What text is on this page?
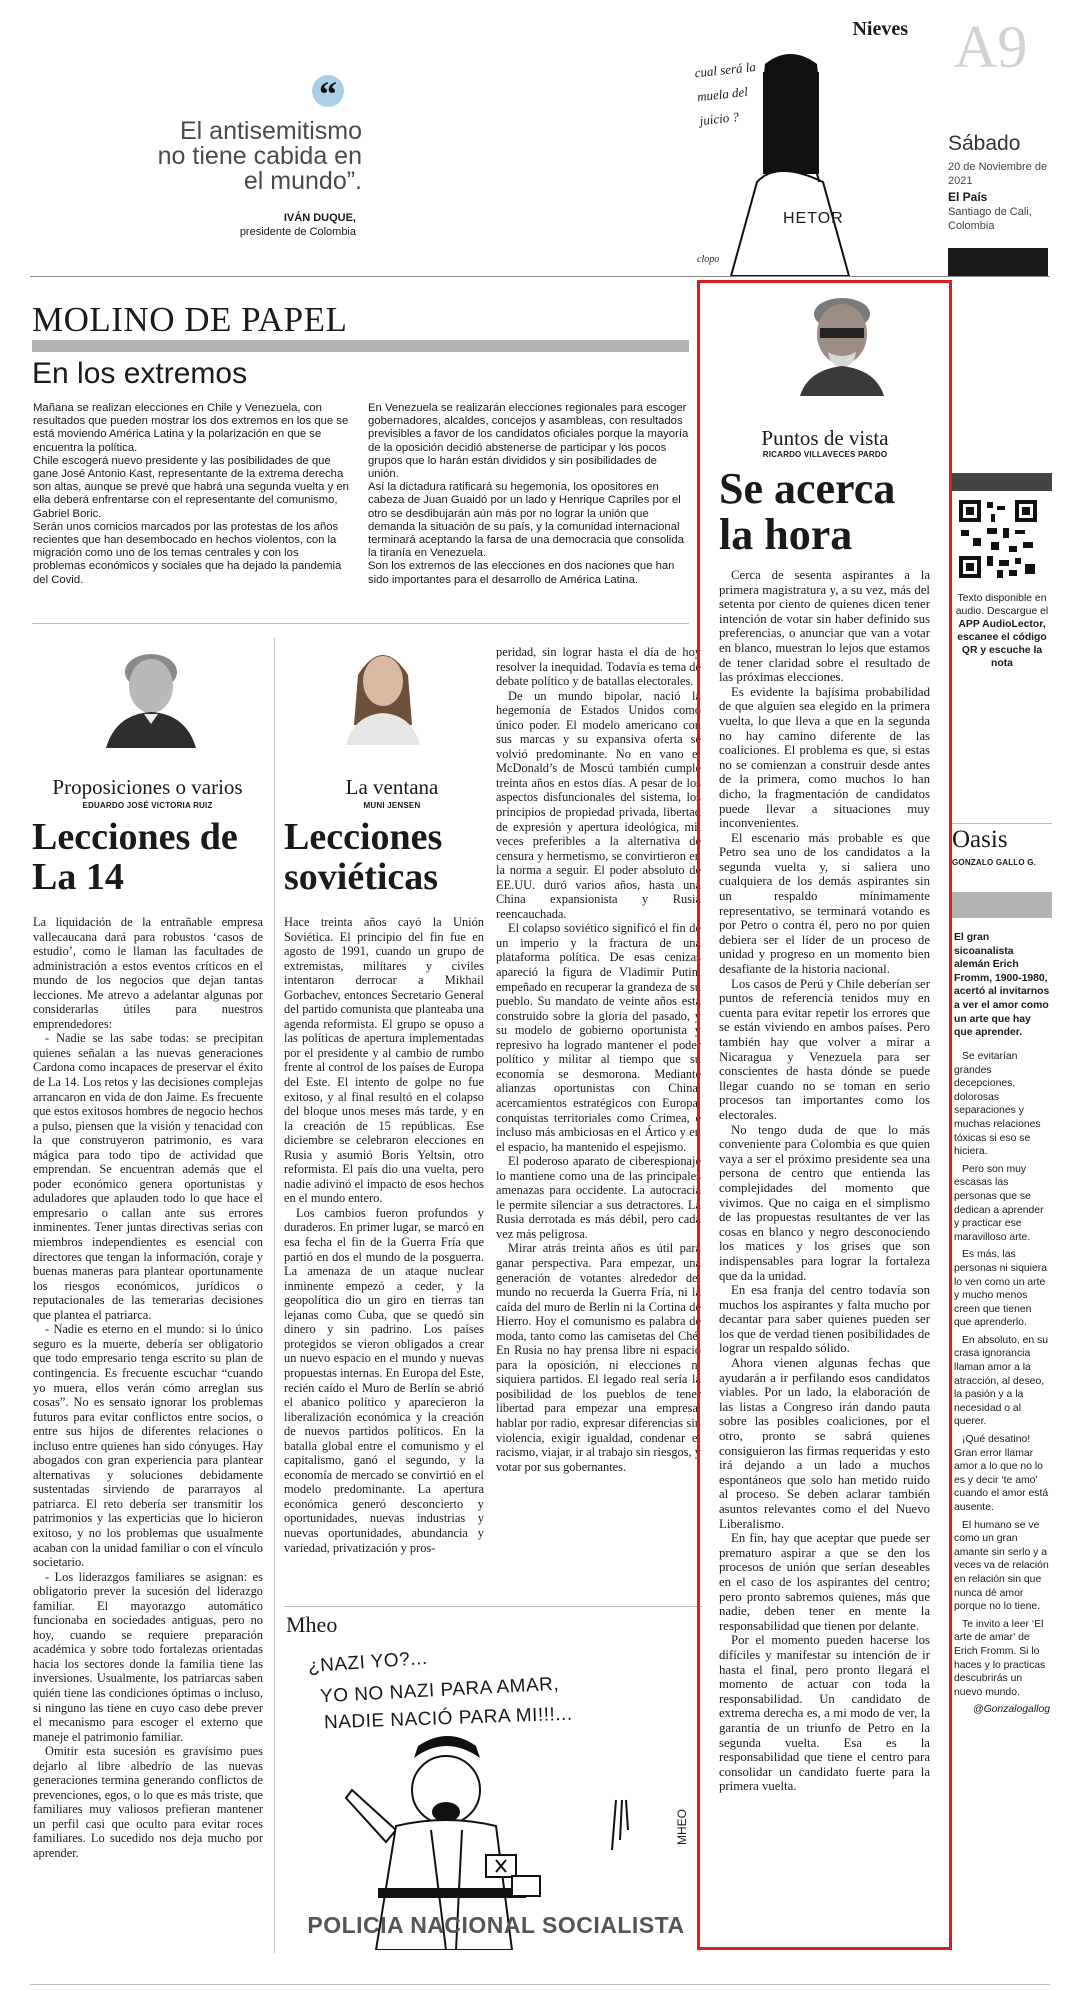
“
El antisemitismo no tiene cabida en el mundo”.
IVÁN DUQUE,
presidente de Colombia
Nieves
cual será la muela del juicio ?
HETOR
clopo
A9
Sábado
20 de Noviembre de 2021
El País
Santiago de Cali, Colombia
MOLINO DE PAPEL
En los extremos

Mañana se realizan elecciones en Chile y Venezuela, con resultados que pueden mostrar los dos extremos en los que se está moviendo América Latina y la polarización en que se encuentra la política.

Chile escogerá nuevo presidente y las posibilidades de que gane José Antonio Kast, representante de la extrema derecha son altas, aunque se prevé que habrá una segunda vuelta y en ella deberá enfrentarse con el representante del comunismo, Gabriel Boric.

Serán unos comicios marcados por las protestas de los años recientes que han desembocado en hechos violentos, con la migración como uno de los temas centrales y con los problemas económicos y sociales que ha dejado la pandemia del Covid.

En Venezuela se realizarán elecciones regionales para escoger gobernadores, alcaldes, concejos y asambleas, con resultados previsibles a favor de los candidatos oficiales porque la mayoría de la oposición decidió abstenerse de participar y los pocos grupos que lo harán están divididos y sin posibilidades de unión.

Así la dictadura ratificará su hegemonía, los opositores en cabeza de Juan Guaidó por un lado y Henrique Capriles por el otro se desdibujarán aún más por no lograr la unión que demanda la situación de su país, y la comunidad internacional terminará aceptando la farsa de una democracia que consolida la tiranía en Venezuela.

Son los extremos de las elecciones en dos naciones que han sido importantes para el desarrollo de América Latina.

Proposiciones o varios
EDUARDO JOSÉ VICTORIA RUIZ
Lecciones de La 14

La liquidación de la entrañable empresa vallecaucana dará para robustos ‘casos de estudio’, como le llaman las facultades de administración a estos eventos críticos en el mundo de los negocios que dejan tantas lecciones. Me atrevo a adelantar algunas por considerarlas útiles para nuestros emprendedores:

- Nadie se las sabe todas: se precipitan quienes señalan a las nuevas generaciones Cardona como incapaces de preservar el éxito de La 14. Los retos y las decisiones complejas arrancaron en vida de don Jaime. Es frecuente que estos exitosos hombres de negocio hechos a pulso, piensen que la visión y tenacidad con la que construyeron patrimonio, es vara mágica para todo tipo de actividad que emprendan. Se encuentran además que el poder económico genera oportunistas y aduladores que aplauden todo lo que hace el empresario o callan ante sus errores inminentes. Tener juntas directivas serias con miembros independientes es esencial con directores que tengan la información, coraje y buenas maneras para plantear oportunamente los riesgos económicos, jurídicos o reputacionales de las temerarias decisiones que plantea el patriarca.

- Nadie es eterno en el mundo: si lo único seguro es la muerte, debería ser obligatorio que todo empresario tenga escrito su plan de contingencia. Es frecuente escuchar “cuando yo muera, ellos verán cómo arreglan sus cosas”. No es sensato ignorar los problemas futuros para evitar conflictos entre socios, o entre sus hijos de diferentes relaciones o incluso entre quienes han sido cónyuges. Hay abogados con gran experiencia para plantear alternativas y soluciones debidamente sustentadas sirviendo de pararrayos al patriarca. El reto debería ser transmitir los patrimonios y las experticias que lo hicieron exitoso, y no los problemas que usualmente acaban con la unidad familiar o con el vínculo societario.

- Los liderazgos familiares se asignan: es obligatorio prever la sucesión del liderazgo familiar. El mayorazgo automático funcionaba en sociedades antiguas, pero no hoy, cuando se requiere preparación académica y sobre todo fortalezas orientadas hacia los sectores donde la familia tiene las inversiones. Usualmente, los patriarcas saben quién tiene las condiciones óptimas o incluso, si ninguno las tiene en cuyo caso debe prever el mecanismo para escoger el externo que maneje el patrimonio familiar.

Omitir esta sucesión es gravísimo pues dejarlo al libre albedrío de las nuevas generaciones termina generando conflictos de prevenciones, egos, o lo que es más triste, que familiares muy valiosos prefieran mantener un perfil casi que oculto para evitar roces familiares. Lo sucedido nos deja mucho por aprender.

La ventana
MUNI JENSEN
Lecciones soviéticas

Hace treinta años cayó la Unión Soviética. El principio del fin fue en agosto de 1991, cuando un grupo de extremistas, militares y civiles intentaron derrocar a Mikhail Gorbachev, entonces Secretario General del partido comunista que planteaba una agenda reformista. El grupo se opuso a las políticas de apertura implementadas por el presidente y al cambio de rumbo frente al control de los países de Europa del Este. El intento de golpe no fue exitoso, y al final resultó en el colapso del bloque unos meses más tarde, y en la creación de 15 repúblicas. Ese diciembre se celebraron elecciones en Rusia y asumió Boris Yeltsin, otro reformista. El país dio una vuelta, pero nadie adivinó el impacto de esos hechos en el mundo entero.

Los cambios fueron profundos y duraderos. En primer lugar, se marcó en esa fecha el fin de la Guerra Fría que partió en dos el mundo de la posguerra. La amenaza de un ataque nuclear inminente empezó a ceder, y la geopolítica dio un giro en tierras tan lejanas como Cuba, que se quedó sin dinero y sin padrino. Los países protegidos se vieron obligados a crear un nuevo espacio en el mundo y nuevas propuestas internas. En Europa del Este, recién caído el Muro de Berlín se abrió el abanico político y aparecieron la liberalización económica y la creación de nuevos partidos políticos. En la batalla global entre el comunismo y el capitalismo, ganó el segundo, y la economía de mercado se convirtió en el modelo predominante. La apertura económica generó desconcierto y oportunidades, nuevas industrias y nuevas oportunidades, abundancia y variedad, privatización y pros-

peridad, sin lograr hasta el día de hoy resolver la inequidad. Todavía es tema de debate político y de batallas electorales.

De un mundo bipolar, nació la hegemonía de Estados Unidos como único poder. El modelo americano con sus marcas y su expansiva oferta se volvió predominante. No en vano el McDonald’s de Moscú también cumple treinta años en estos días. A pesar de los aspectos disfuncionales del sistema, los principios de propiedad privada, libertad de expresión y apertura ideológica, mil veces preferibles a la alternativa de censura y hermetismo, se convirtieron en la norma a seguir. El poder absoluto de EE.UU. duró varios años, hasta una China expansionista y Rusia reencauchada.

El colapso soviético significó el fin de un imperio y la fractura de una plataforma política. De esas cenizas apareció la figura de Vladimir Putin, empeñado en recuperar la grandeza de su pueblo. Su mandato de veinte años está construido sobre la gloria del pasado, y su modelo de gobierno oportunista y represivo ha logrado mantener el poder político y militar al tiempo que su economía se desmorona. Mediante alianzas oportunistas con China, acercamientos estratégicos con Europa, conquistas territoriales como Crimea, e incluso más ambiciosas en el Ártico y en el espacio, ha mantenido el espejismo.

El poderoso aparato de ciberespionaje lo mantiene como una de las principales amenazas para occidente. La autocracia le permite silenciar a sus detractores. La Rusia derrotada es más débil, pero cada vez más peligrosa.

Mirar atrás treinta años es útil para ganar perspectiva. Para empezar, una generación de votantes alrededor del mundo no recuerda la Guerra Fría, ni la caída del muro de Berlín ni la Cortina de Hierro. Hoy el comunismo es palabra de moda, tanto como las camisetas del Ché. En Rusia no hay prensa libre ni espacio para la oposición, ni elecciones ni siquiera partidos. El legado real sería la posibilidad de los pueblos de tener libertad para empezar una empresa, hablar por radio, expresar diferencias sin violencia, exigir igualdad, condenar el racismo, viajar, ir al trabajo sin riesgos, y votar por sus gobernantes.

Mheo
¿NAZI YO?...
YO NO NAZI PARA AMAR,
NADIE NACIÓ PARA MI!!!...
MHEO
POLICIA NACIONAL SOCIALISTA
Puntos de vista
RICARDO VILLAVECES PARDO
Se acerca la hora

Cerca de sesenta aspirantes a la primera magistratura y, a su vez, más del setenta por ciento de quienes dicen tener intención de votar sin haber definido sus preferencias, o anunciar que van a votar en blanco, muestran lo lejos que estamos de tener claridad sobre el resultado de las próximas elecciones.

Es evidente la bajísima probabilidad de que alguien sea elegido en la primera vuelta, lo que lleva a que en la segunda no hay camino diferente de las coaliciones. El problema es que, si estas no se comienzan a construir desde antes de la primera, como muchos lo han dicho, la fragmentación de candidatos puede llevar a situaciones muy inconvenientes.

El escenario más probable es que Petro sea uno de los candidatos a la segunda vuelta y, si saliera uno cualquiera de los demás aspirantes sin un respaldo mínimamente representativo, se terminará votando es por Petro o contra él, pero no por quien debiera ser el líder de un proceso de unidad y progreso en un momento bien desafiante de la historia nacional.

Los casos de Perú y Chile deberían ser puntos de referencia tenidos muy en cuenta para evitar repetir los errores que se están viviendo en ambos países. Pero también hay que volver a mirar a Nicaragua y Venezuela para ser conscientes de hasta dónde se puede llegar cuando no se toman en serio procesos tan importantes como los electorales.

No tengo duda de que lo más conveniente para Colombia es que quien vaya a ser el próximo presidente sea una persona de centro que entienda las complejidades del momento que vivimos. Que no caiga en el simplismo de las propuestas resultantes de ver las cosas en blanco y negro desconociendo los matices y los grises que son indispensables para lograr la fortaleza que da la unidad.

En esa franja del centro todavía son muchos los aspirantes y falta mucho por decantar para saber quienes pueden ser los que de verdad tienen posibilidades de lograr un respaldo sólido.

Ahora vienen algunas fechas que ayudarán a ir perfilando esos candidatos viables. Por un lado, la elaboración de las listas a Congreso irán dando pauta sobre las posibles coaliciones, por el otro, pronto se sabrá quienes consiguieron las firmas requeridas y esto irá dejando a un lado a muchos espontáneos que solo han metido ruido al proceso. Se deben aclarar también asuntos relevantes como el del Nuevo Liberalismo.

En fin, hay que aceptar que puede ser prematuro aspirar a que se den los procesos de unión que serían deseables en el caso de los aspirantes del centro; pero pronto sabremos quienes, más que nadie, deben tener en mente la responsabilidad que tienen por delante.

Por el momento pueden hacerse los difíciles y manifestar su intención de ir hasta el final, pero pronto llegará el momento de actuar con toda la responsabilidad. Un candidato de extrema derecha es, a mi modo de ver, la garantía de un triunfo de Petro en la segunda vuelta. Esa es la responsabilidad que tiene el centro para consolidar un candidato fuerte para la primera vuelta.

Texto disponible en audio. Descargue el APP AudioLector, escanee el código QR y escuche la nota
Oasis
GONZALO GALLO G.
El gran sicoanalista alemán Erich Fromm, 1900-1980, acertó al invitarnos a ver el amor como un arte que hay que aprender.

Se evitarían grandes decepciones, dolorosas separaciones y muchas relaciones tóxicas si eso se hiciera.

Pero son muy escasas las personas que se dedican a aprender y practicar ese maravilloso arte.

Es más, las personas ni siquiera lo ven como un arte y mucho menos creen que tienen que aprenderlo.

En absoluto, en su crasa ignorancia llaman amor a la atracción, al deseo, la pasión y a la necesidad o al querer.

¡Qué desatino! Gran error llamar amor a lo que no lo es y decir ‘te amo’ cuando el amor está ausente.

El humano se ve como un gran amante sin serlo y a veces va de relación en relación sin que nunca dé amor porque no lo tiene.

Te invito a leer ‘El arte de amar’ de Erich Fromm. Si lo haces y lo practicas descubrirás un nuevo mundo.

@Gonzalogallog
